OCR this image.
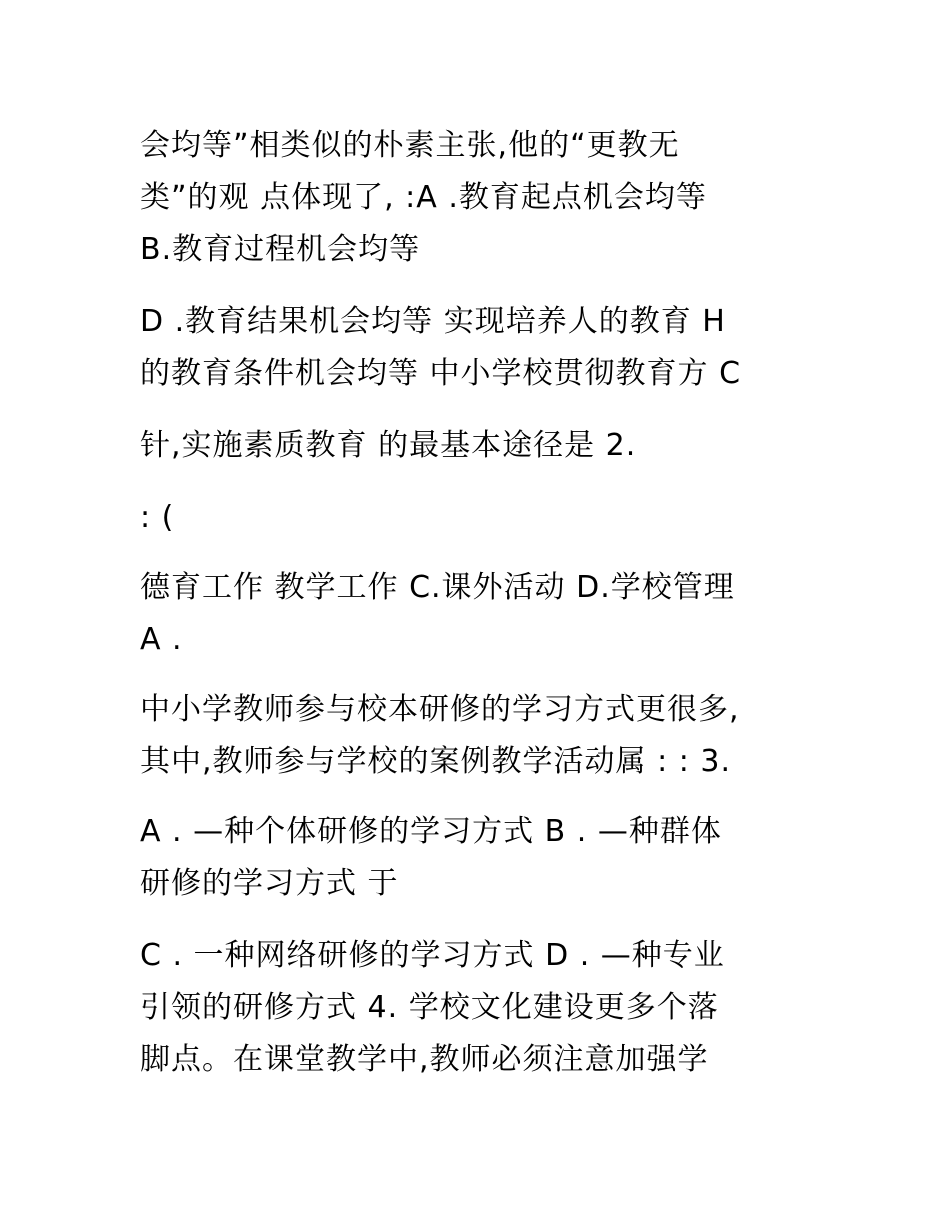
会均等”相类似的朴素主张,他的“更教无
类”的观 点体现了, :A .教育起点机会均等
B.教育过程机会均等
D .教育结果机会均等 实现培养人的教育 H
的教育条件机会均等 中小学校贯彻教育方 C
针,实施素质教育 的最基本途径是 2.
: (
德育工作 教学工作 C.课外活动 D.学校管理
A .
中小学教师参与校本研修的学习方式更很多,
其中,教师参与学校的案例教学活动属 : : 3.
A . —种个体研修的学习方式 B . —种群体
研修的学习方式 于
C . 一种网络研修的学习方式 D . —种专业
引领的研修方式 4. 学校文化建设更多个落
脚点。在课堂教学中,教师必须注意加强学
